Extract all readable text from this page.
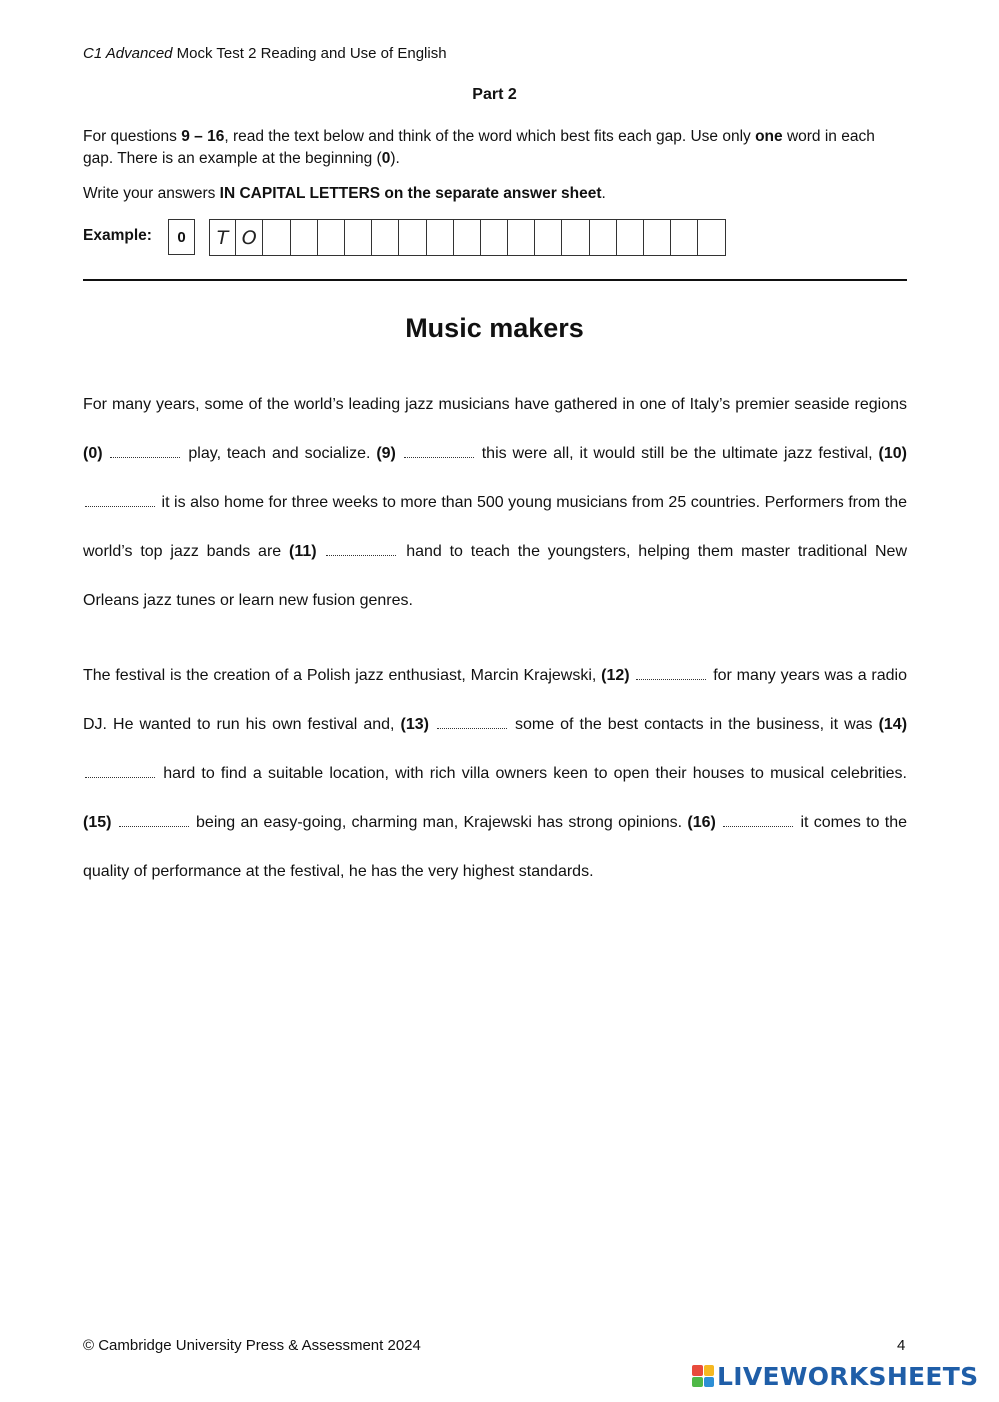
C1 Advanced Mock Test 2 Reading and Use of English
Part 2
For questions 9 – 16, read the text below and think of the word which best fits each gap. Use only one word in each gap. There is an example at the beginning (0).
Write your answers IN CAPITAL LETTERS on the separate answer sheet.
Example:	0	T O
Music makers
For many years, some of the world’s leading jazz musicians have gathered in one of Italy’s premier seaside regions (0)	play, teach and socialize. (9)	this were all, it would still be the ultimate jazz festival, (10)  it is also home for three weeks to more than 500 young musicians from 25 countries. Performers from the world’s top jazz bands are (11)	hand to teach the youngsters, helping them master traditional New Orleans jazz tunes or learn new fusion genres.
The festival is the creation of a Polish jazz enthusiast, Marcin Krajewski, (12)	for many years was a radio DJ. He wanted to run his own festival and, (13)	some of the best contacts in the business, it was (14)  hard to find a suitable location, with rich villa owners keen to open their houses to musical celebrities. (15)	being an easy-going, charming man, Krajewski has strong opinions. (16)	it comes to the quality of performance at the festival, he has the very highest standards.
© Cambridge University Press & Assessment 2024	4
LIVEWORKSHEETS
